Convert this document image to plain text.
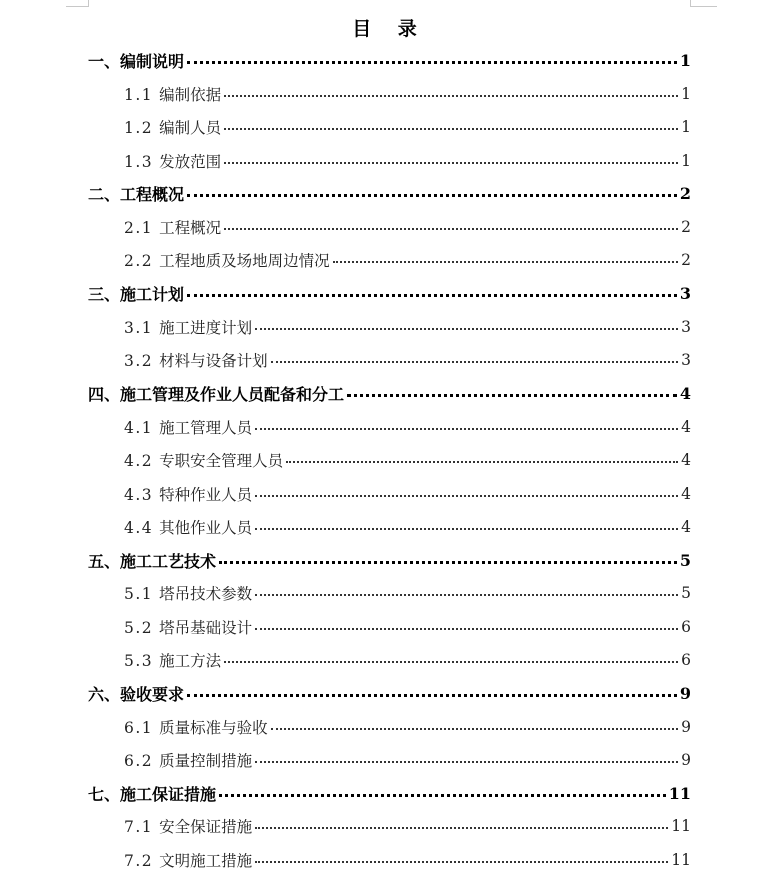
目 录
一、编制说明	1
1.1 编制依据	1
1.2 编制人员	1
1.3 发放范围	1
二、工程概况	2
2.1 工程概况	2
2.2 工程地质及场地周边情况	2
三、施工计划	3
3.1 施工进度计划	3
3.2 材料与设备计划	3
四、施工管理及作业人员配备和分工	4
4.1 施工管理人员	4
4.2 专职安全管理人员	4
4.3 特种作业人员	4
4.4 其他作业人员	4
五、施工工艺技术	5
5.1 塔吊技术参数	5
5.2 塔吊基础设计	6
5.3 施工方法	6
六、验收要求	9
6.1 质量标准与验收	9
6.2 质量控制措施	9
七、施工保证措施	11
7.1 安全保证措施	11
7.2 文明施工措施	11
